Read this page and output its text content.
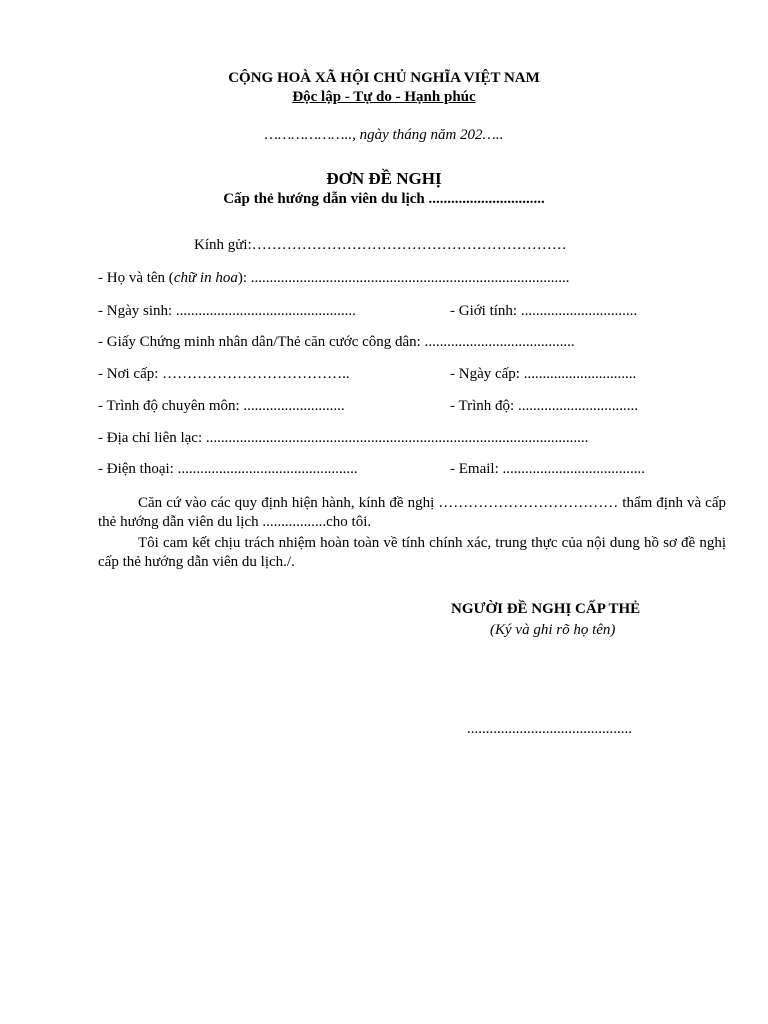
CỘNG HOÀ XÃ HỘI CHỦ NGHĨA VIỆT NAM
Độc lập - Tự do - Hạnh phúc
……………….., ngày tháng năm 202…..
ĐƠN ĐỀ NGHỊ
Cấp thẻ hướng dẫn viên du lịch ...............................
Kính gửi:………………………………………………………
- Họ và tên (chữ in hoa): .....................................................................................
- Ngày sinh: ................................................	- Giới tính: ...............................
- Giấy Chứng minh nhân dân/Thẻ căn cước công dân: ........................................
- Nơi cấp: ………………………………..	- Ngày cấp: ..............................
- Trình độ chuyên môn: ...........................	- Trình độ: ................................
- Địa chỉ liên lạc: ......................................................................................................
- Điện thoại: ................................................	- Email: ......................................
Căn cứ vào các quy định hiện hành, kính đề nghị ……………………………… thẩm định và cấp thẻ hướng dẫn viên du lịch .................cho tôi.
Tôi cam kết chịu trách nhiệm hoàn toàn về tính chính xác, trung thực của nội dung hồ sơ đề nghị cấp thẻ hướng dẫn viên du lịch./.
NGƯỜI ĐỀ NGHỊ CẤP THẺ
(Ký và ghi rõ họ tên)
............................................
